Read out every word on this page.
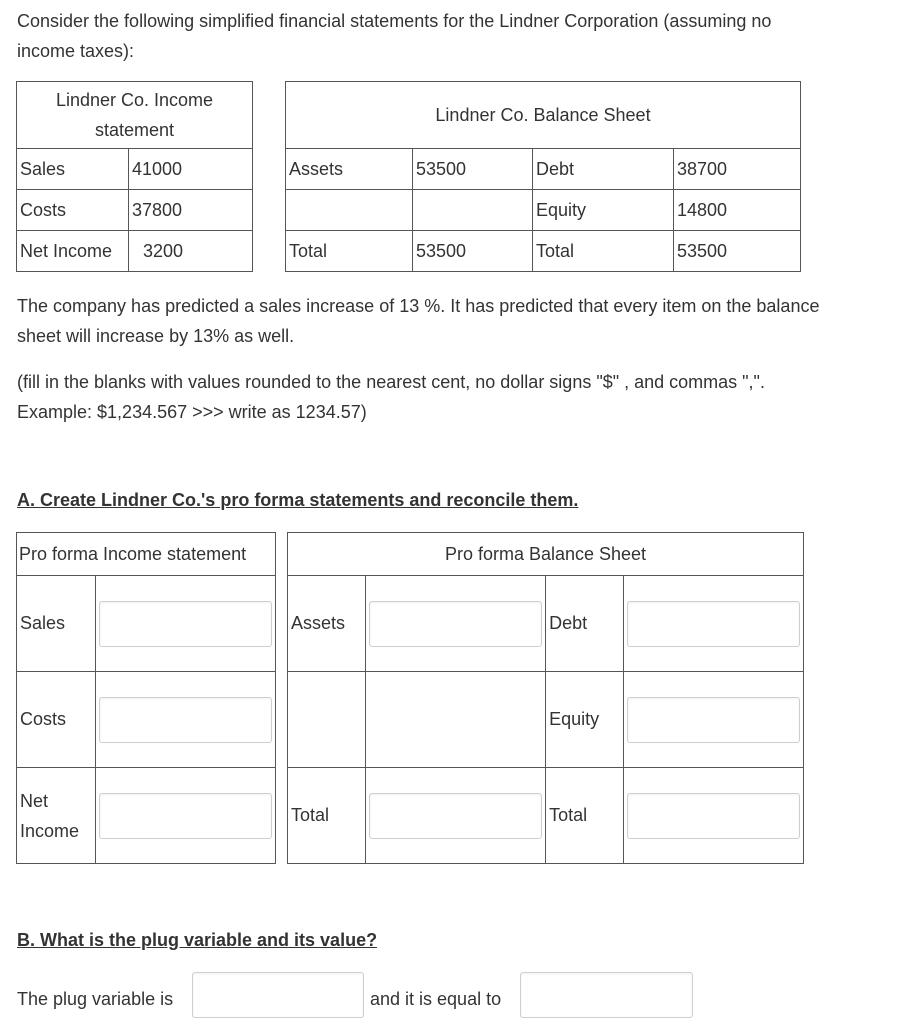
Consider the following simplified financial statements for the Lindner Corporation (assuming no
income taxes):
Lindner Co. Income
statement	

Sales	41000
Costs	37800
Net Income	3200
Lindner Co. Balance Sheet			
Assets	53500	Debt	38700
		Equity	14800
Total	53500	Total	53500
The company has predicted a sales increase of 13 %. It has predicted that every item on the balance
sheet will increase by 13% as well.
(fill in the blanks with values rounded to the nearest cent, no dollar signs "$" , and commas ",".
Example: $1,234.567 >>> write as 1234.57)
A. Create Lindner Co.'s pro forma statements and reconcile them.
Pro forma Income statement	
Sales	

Costs	

Net
Income

Pro forma Balance Sheet			
Assets		Debt	

		Equity	

Total		Total	
B. What is the plug variable and its value?
The plug variable is	and it is equal to
